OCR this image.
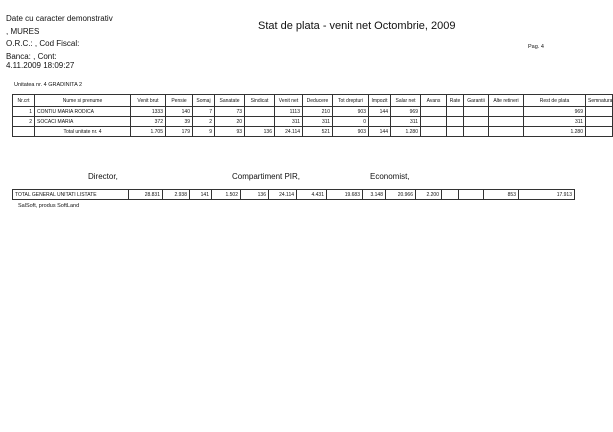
Date cu caracter demonstrativ
, MURES
O.R.C.: , Cod Fiscal:
Banca: , Cont:
4.11.2009 18:09:27
Stat de plata - venit net Octombrie, 2009
Pag. 4
Unitatea nr. 4 GRADINITA 2
Nr.crt	Nume si prenume	Venit brut	Pensie	Somaj	Sanatate	Sindicat	Venit net	Deducere	Tot drepturi	Impozit	Salar net	Avans	Rate	Garantii	Alte retineri	Rest de plata	Semnatura
1	CONTIU MARIA RODICA	1333	140	7	73		1113	210	903	144	969					969	
2	SOCACI MARIA	372	39	2	20		311	311	0		311					311	
	Total unitate nr. 4	1.705	179	9	93	136	24.114	521	903	144	1.280					1.280	
Director,	Compartiment PIR,	Economist,
TOTAL GENERAL UNITATI LISTATE	28.831	2.938	141	1.502	136	24.114	4.431	19.683	3.148	20.966	2.200			853	17.913
SalSoft, produs SoftLand
